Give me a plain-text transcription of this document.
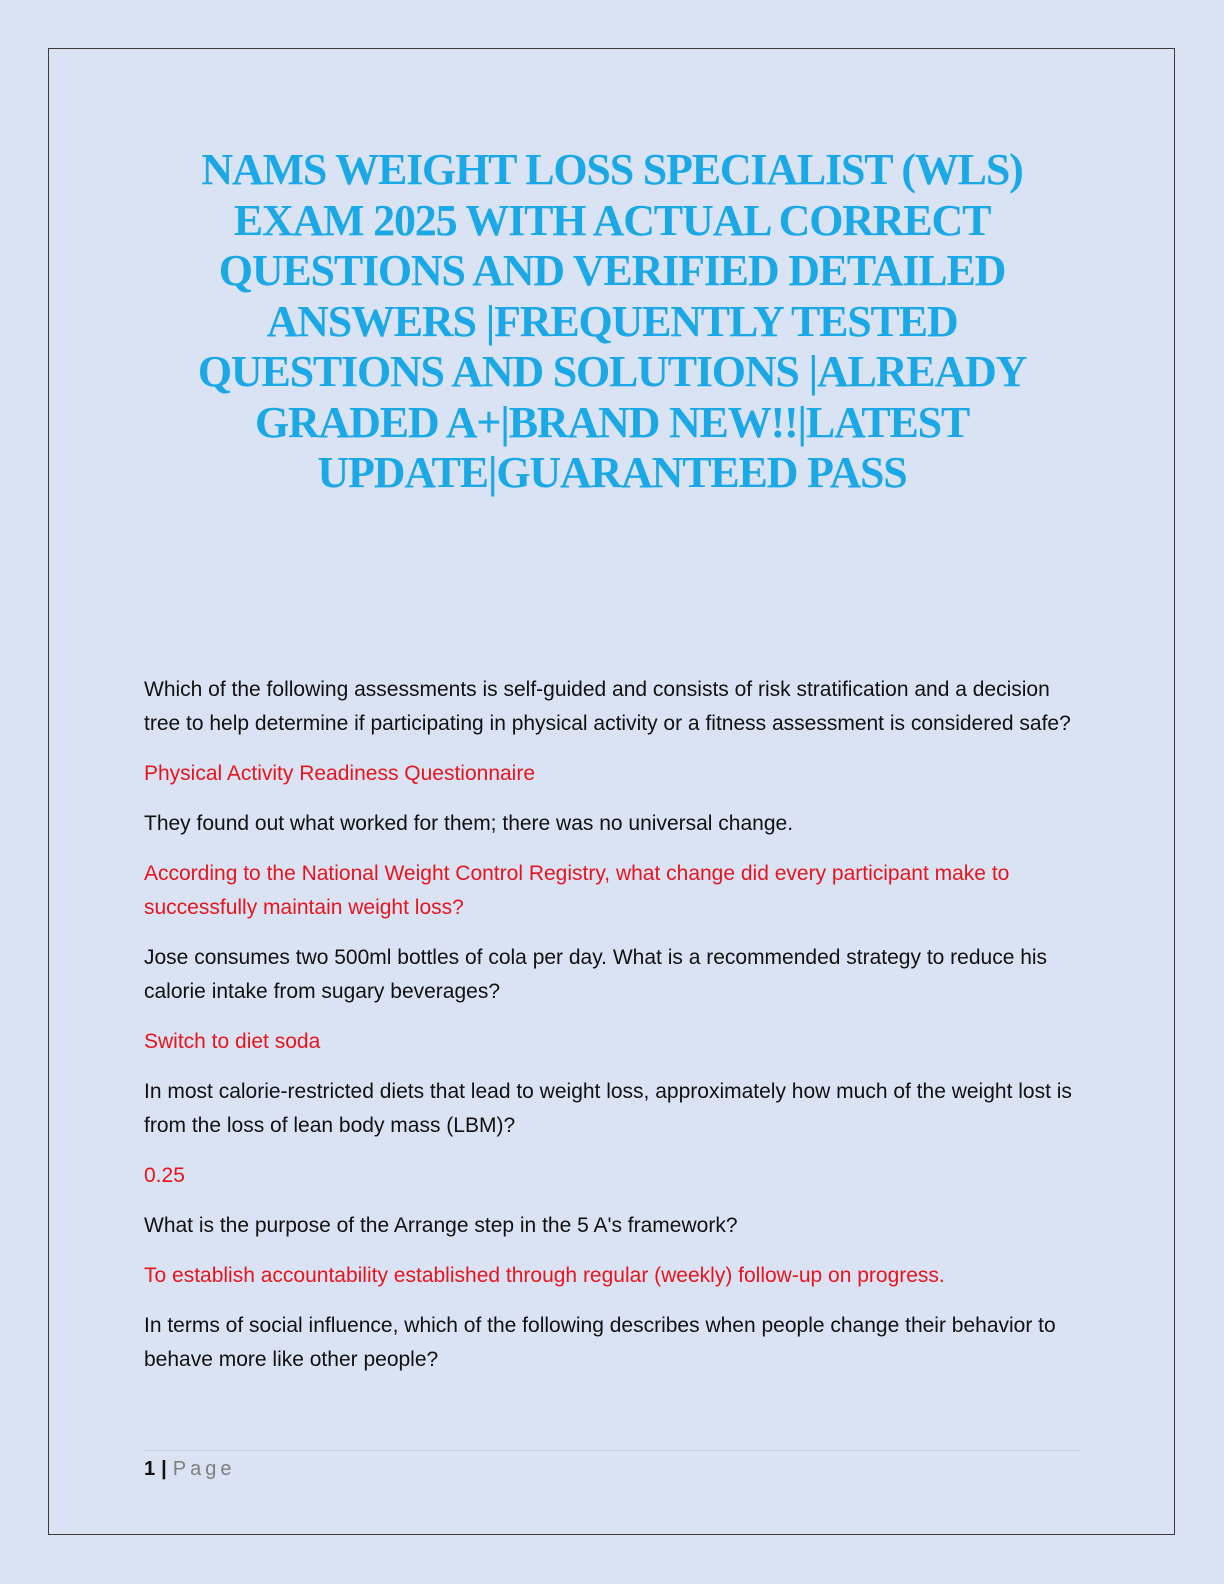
NAMS WEIGHT LOSS SPECIALIST (WLS) EXAM 2025 WITH ACTUAL CORRECT QUESTIONS AND VERIFIED DETAILED ANSWERS |FREQUENTLY TESTED QUESTIONS AND SOLUTIONS |ALREADY GRADED A+|BRAND NEW!!|LATEST UPDATE|GUARANTEED PASS

Which of the following assessments is self-guided and consists of risk stratification and a decision tree to help determine if participating in physical activity or a fitness assessment is considered safe?

Physical Activity Readiness Questionnaire

They found out what worked for them; there was no universal change.

According to the National Weight Control Registry, what change did every participant make to successfully maintain weight loss?

Jose consumes two 500ml bottles of cola per day. What is a recommended strategy to reduce his calorie intake from sugary beverages?

Switch to diet soda

In most calorie-restricted diets that lead to weight loss, approximately how much of the weight lost is from the loss of lean body mass (LBM)?

0.25

What is the purpose of the Arrange step in the 5 A's framework?

To establish accountability established through regular (weekly) follow-up on progress.

In terms of social influence, which of the following describes when people change their behavior to behave more like other people?

1 | Page
